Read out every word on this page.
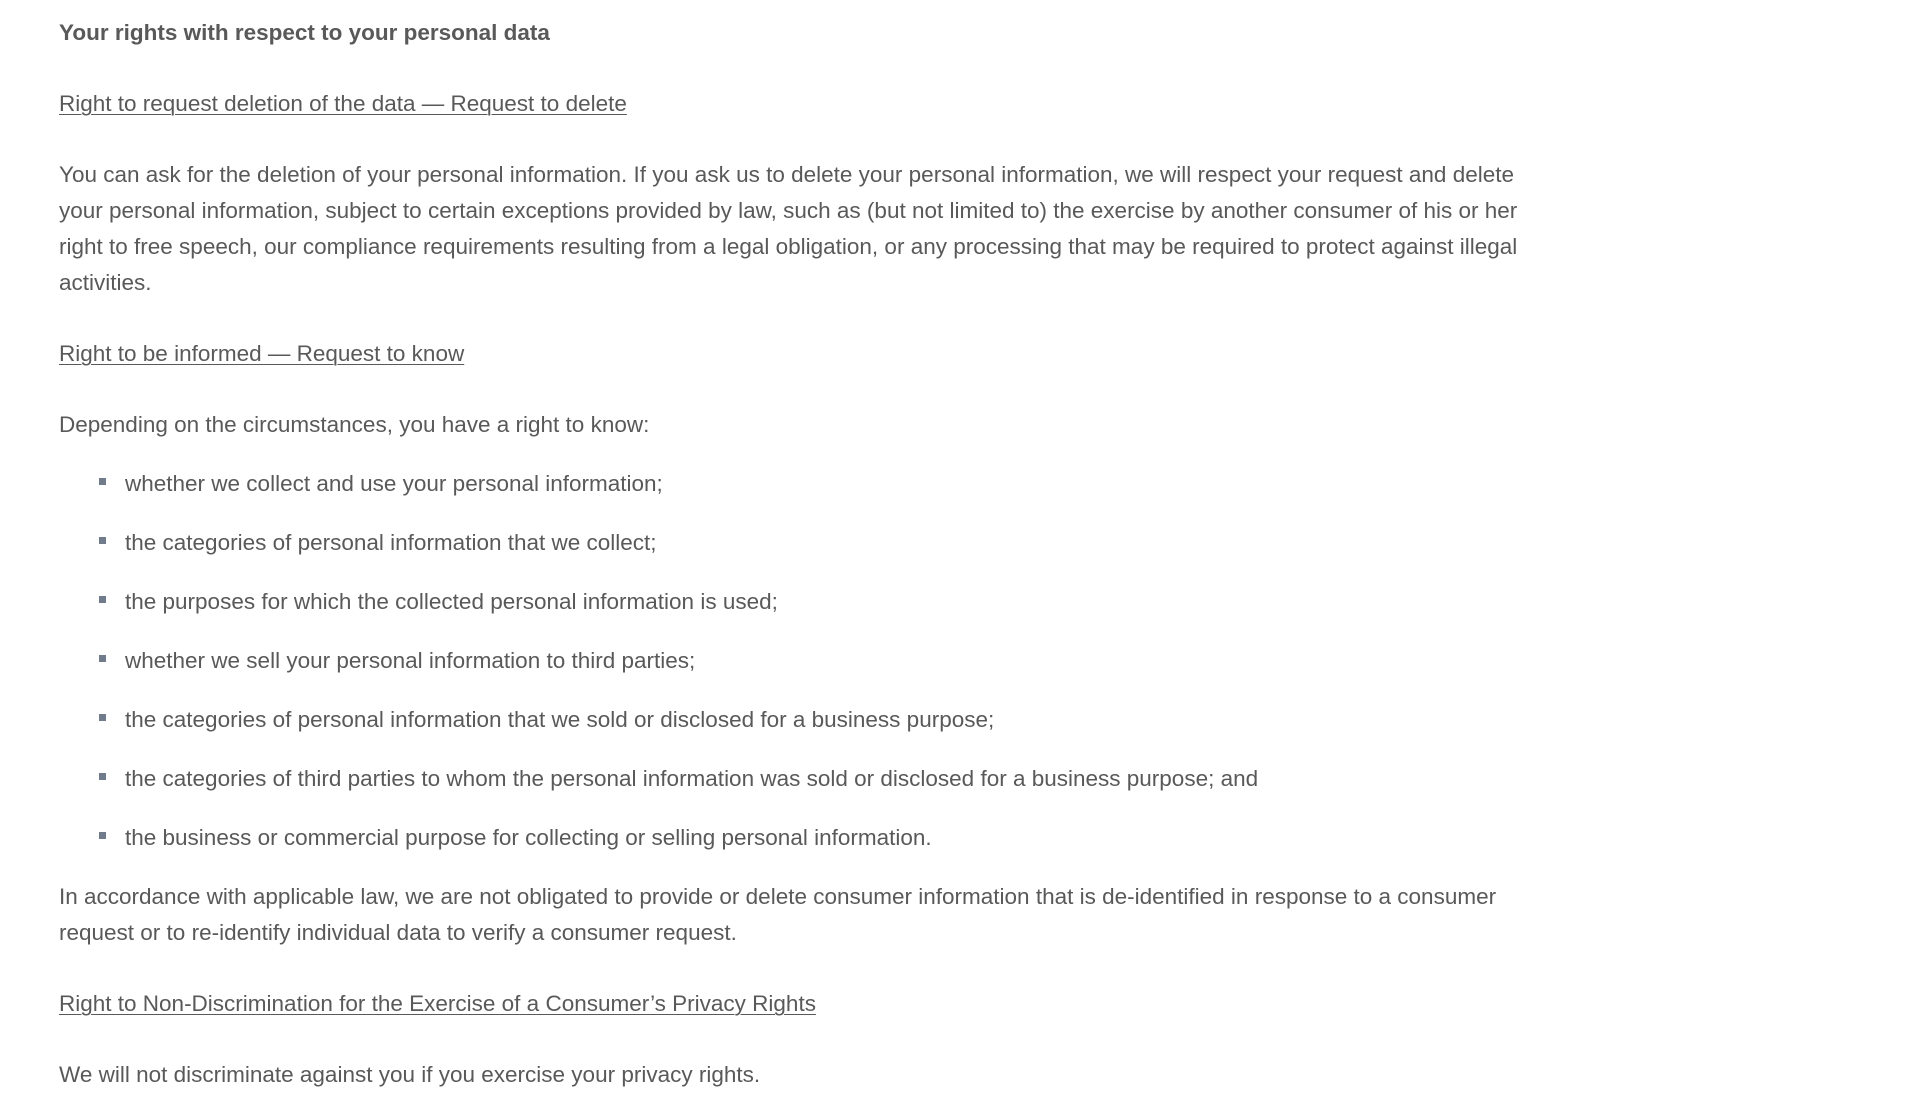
Your rights with respect to your personal data
Right to request deletion of the data — Request to delete
You can ask for the deletion of your personal information. If you ask us to delete your personal information, we will respect your request and delete
your personal information, subject to certain exceptions provided by law, such as (but not limited to) the exercise by another consumer of his or her
right to free speech, our compliance requirements resulting from a legal obligation, or any processing that may be required to protect against illegal
activities.
Right to be informed — Request to know
Depending on the circumstances, you have a right to know:
whether we collect and use your personal information;
the categories of personal information that we collect;
the purposes for which the collected personal information is used;
whether we sell your personal information to third parties;
the categories of personal information that we sold or disclosed for a business purpose;
the categories of third parties to whom the personal information was sold or disclosed for a business purpose; and
the business or commercial purpose for collecting or selling personal information.
In accordance with applicable law, we are not obligated to provide or delete consumer information that is de-identified in response to a consumer
request or to re-identify individual data to verify a consumer request.
Right to Non-Discrimination for the Exercise of a Consumer’s Privacy Rights
We will not discriminate against you if you exercise your privacy rights.
